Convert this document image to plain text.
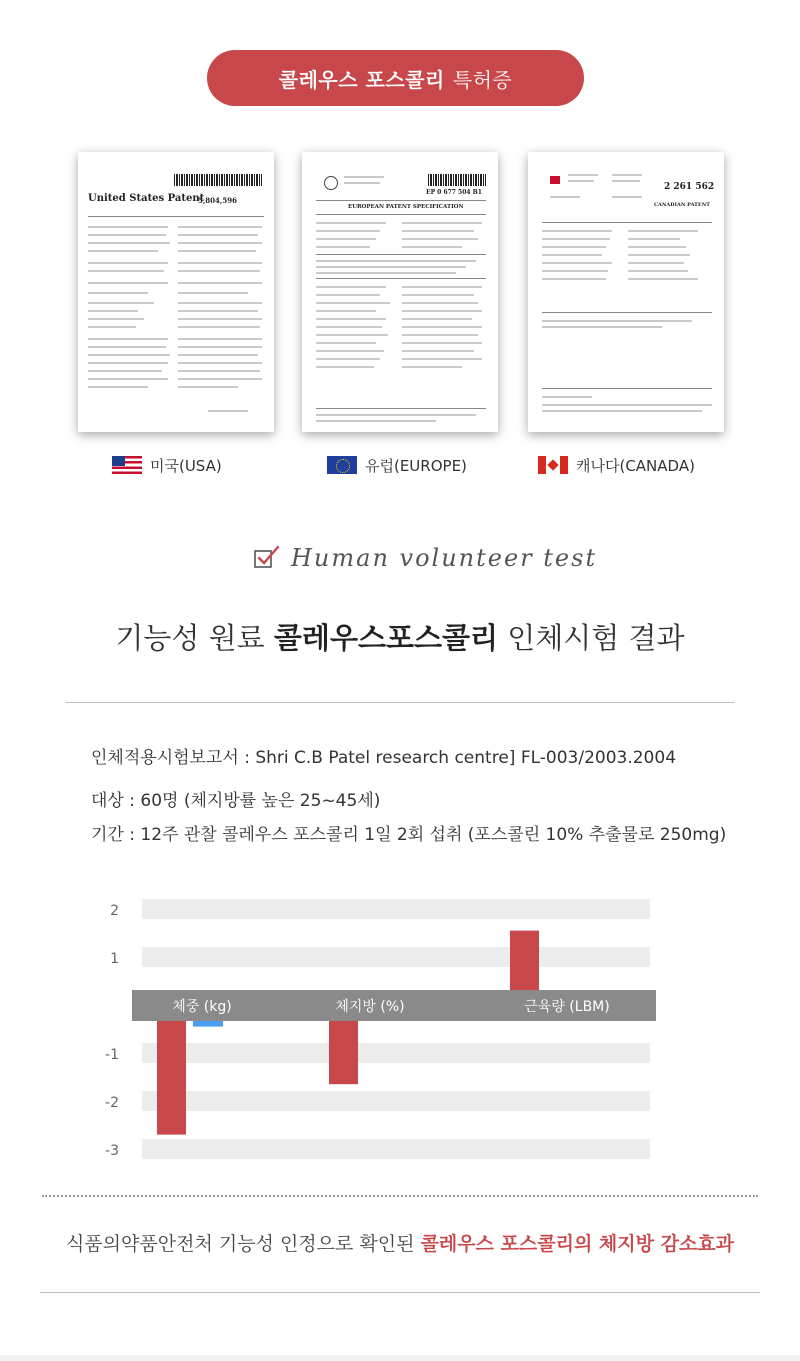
콜레우스 포스콜리 특허증
United States Patent
5,804,596
미국(USA)
EP 0 677 504 B1
EUROPEAN PATENT SPECIFICATION
유럽(EUROPE)
2 261 562
CANADIAN PATENT
캐나다(CANADA)
Human volunteer test
기능성 원료 콜레우스포스콜리 인체시험 결과
인체적용시험보고서 : Shri C.B Patel research centre] FL-003/2003.2004
대상 : 60명 (체지방률 높은 25~45세)
기간 : 12주 관찰 콜레우스 포스콜리 1일 2회 섭취 (포스콜린 10% 추출물로 250mg)
2
1
-1
-2
-3
체중 (kg)	체지방 (%)	근육량 (LBM)
식품의약품안전처 기능성 인정으로 확인된 콜레우스 포스콜리의 체지방 감소효과
